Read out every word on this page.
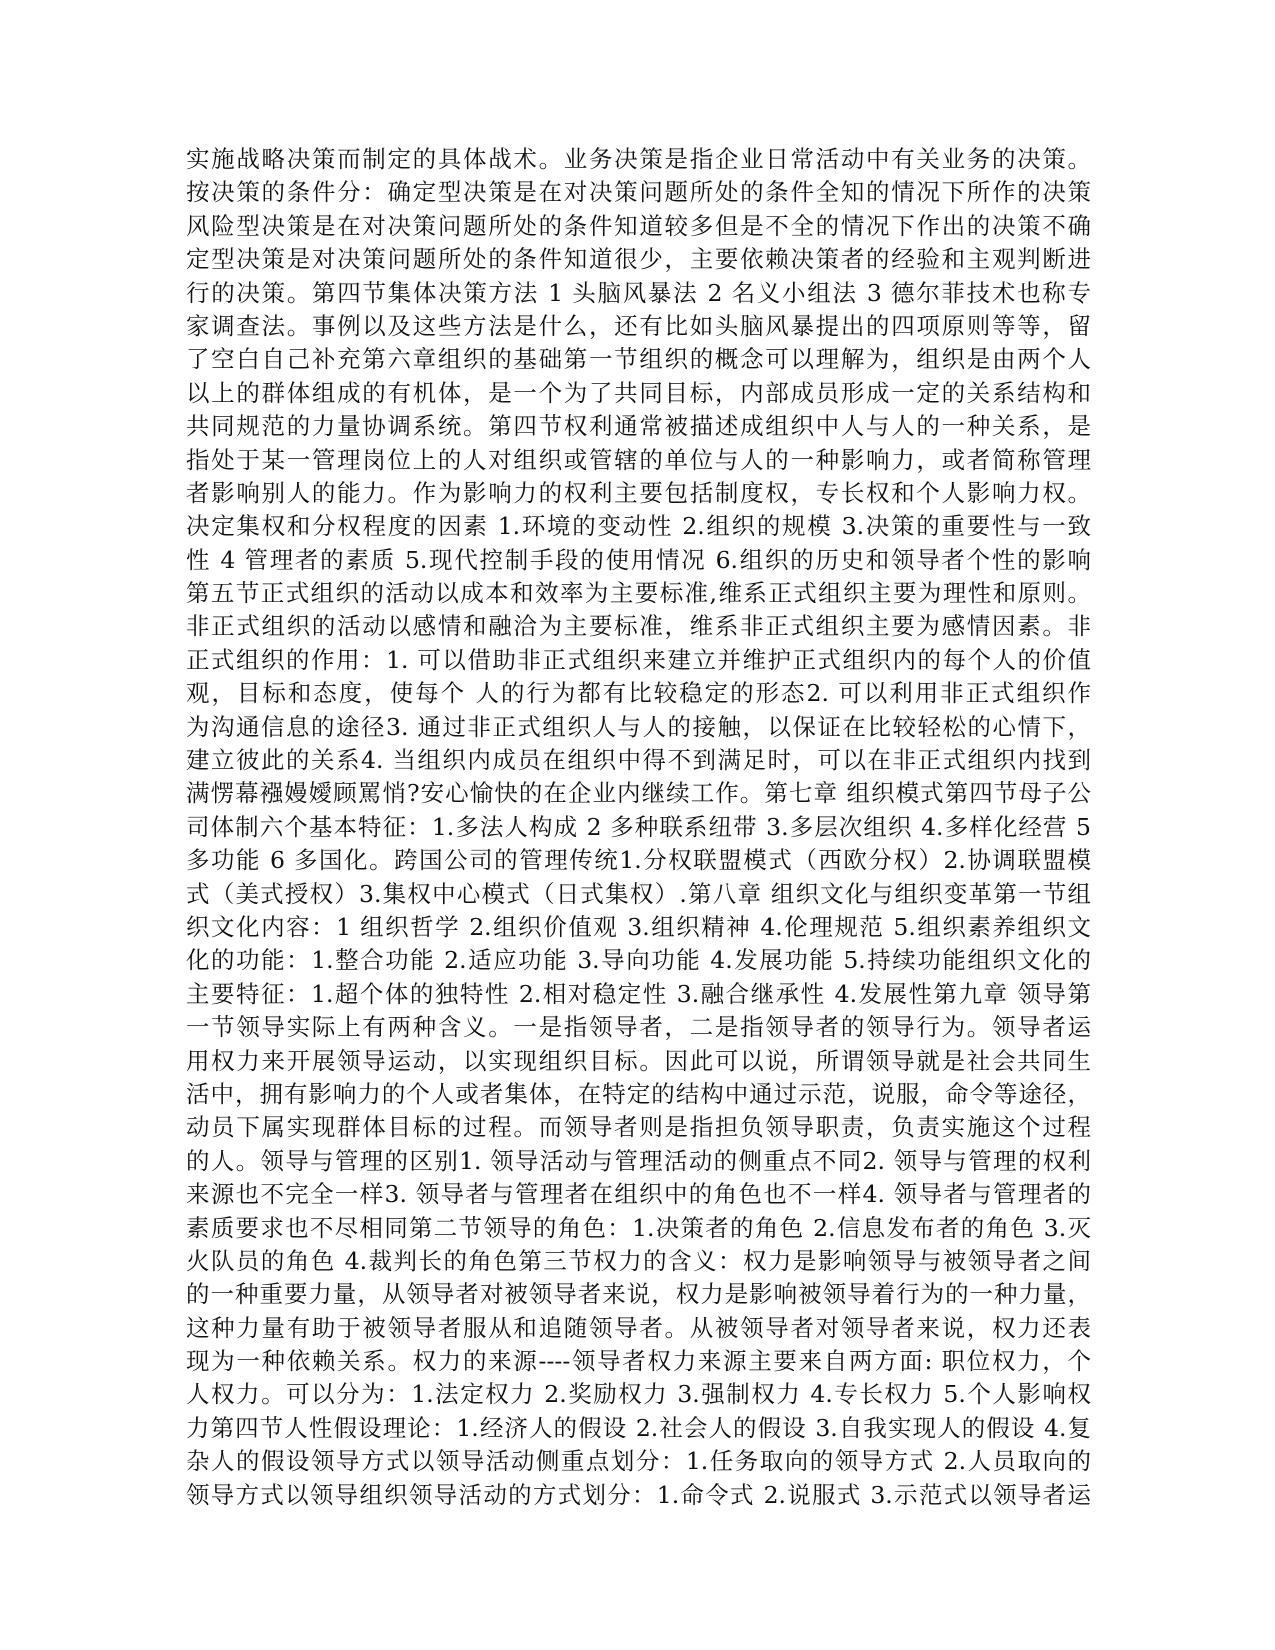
实施战略决策而制定的具体战术。业务决策是指企业日常活动中有关业务的决策。
按决策的条件分：确定型决策是在对决策问题所处的条件全知的情况下所作的决策
风险型决策是在对决策问题所处的条件知道较多但是不全的情况下作出的决策不确
定型决策是对决策问题所处的条件知道很少，主要依赖决策者的经验和主观判断进
行的决策。第四节集体决策方法 1 头脑风暴法 2 名义小组法 3 德尔菲技术也称专
家调查法。事例以及这些方法是什么，还有比如头脑风暴提出的四项原则等等，留
了空白自己补充第六章组织的基础第一节组织的概念可以理解为，组织是由两个人
以上的群体组成的有机体，是一个为了共同目标，内部成员形成一定的关系结构和
共同规范的力量协调系统。第四节权利通常被描述成组织中人与人的一种关系，是
指处于某一管理岗位上的人对组织或管辖的单位与人的一种影响力，或者简称管理
者影响别人的能力。作为影响力的权利主要包括制度权，专长权和个人影响力权。
决定集权和分权程度的因素 1.环境的变动性 2.组织的规模 3.决策的重要性与一致
性 4 管理者的素质 5.现代控制手段的使用情况 6.组织的历史和领导者个性的影响
第五节正式组织的活动以成本和效率为主要标准,维系正式组织主要为理性和原则。
非正式组织的活动以感情和融洽为主要标准，维系非正式组织主要为感情因素。非
正式组织的作用：1. 可以借助非正式组织来建立并维护正式组织内的每个人的价值
观，目标和态度，使每个 人的行为都有比较稳定的形态2. 可以利用非正式组织作
为沟通信息的途径3. 通过非正式组织人与人的接触，以保证在比较轻松的心情下，
建立彼此的关系4. 当组织内成员在组织中得不到满足时，可以在非正式组织内找到
满愣幕襁嫚嬡顾罵悄?安心愉快的在企业内继续工作。第七章 组织模式第四节母子公
司体制六个基本特征：1.多法人构成 2 多种联系纽带 3.多层次组织 4.多样化经营 5
多功能 6 多国化。跨国公司的管理传统1.分权联盟模式（西欧分权）2.协调联盟模
式（美式授权）3.集权中心模式（日式集权）.第八章 组织文化与组织变革第一节组
织文化内容：1 组织哲学 2.组织价值观 3.组织精神 4.伦理规范 5.组织素养组织文
化的功能：1.整合功能 2.适应功能 3.导向功能 4.发展功能 5.持续功能组织文化的
主要特征：1.超个体的独特性 2.相对稳定性 3.融合继承性 4.发展性第九章 领导第
一节领导实际上有两种含义。一是指领导者，二是指领导者的领导行为。领导者运
用权力来开展领导运动，以实现组织目标。因此可以说，所谓领导就是社会共同生
活中，拥有影响力的个人或者集体，在特定的结构中通过示范，说服，命令等途径，
动员下属实现群体目标的过程。而领导者则是指担负领导职责，负责实施这个过程
的人。领导与管理的区别1. 领导活动与管理活动的侧重点不同2. 领导与管理的权利
来源也不完全一样3. 领导者与管理者在组织中的角色也不一样4. 领导者与管理者的
素质要求也不尽相同第二节领导的角色：1.决策者的角色 2.信息发布者的角色 3.灭
火队员的角色 4.裁判长的角色第三节权力的含义：权力是影响领导与被领导者之间
的一种重要力量，从领导者对被领导者来说，权力是影响被领导着行为的一种力量，
这种力量有助于被领导者服从和追随领导者。从被领导者对领导者来说，权力还表
现为一种依赖关系。权力的来源----领导者权力来源主要来自两方面: 职位权力，个
人权力。可以分为：1.法定权力 2.奖励权力 3.强制权力 4.专长权力 5.个人影响权
力第四节人性假设理论：1.经济人的假设 2.社会人的假设 3.自我实现人的假设 4.复
杂人的假设领导方式以领导活动侧重点划分：1.任务取向的领导方式 2.人员取向的
领导方式以领导组织领导活动的方式划分：1.命令式 2.说服式 3.示范式以领导者运
